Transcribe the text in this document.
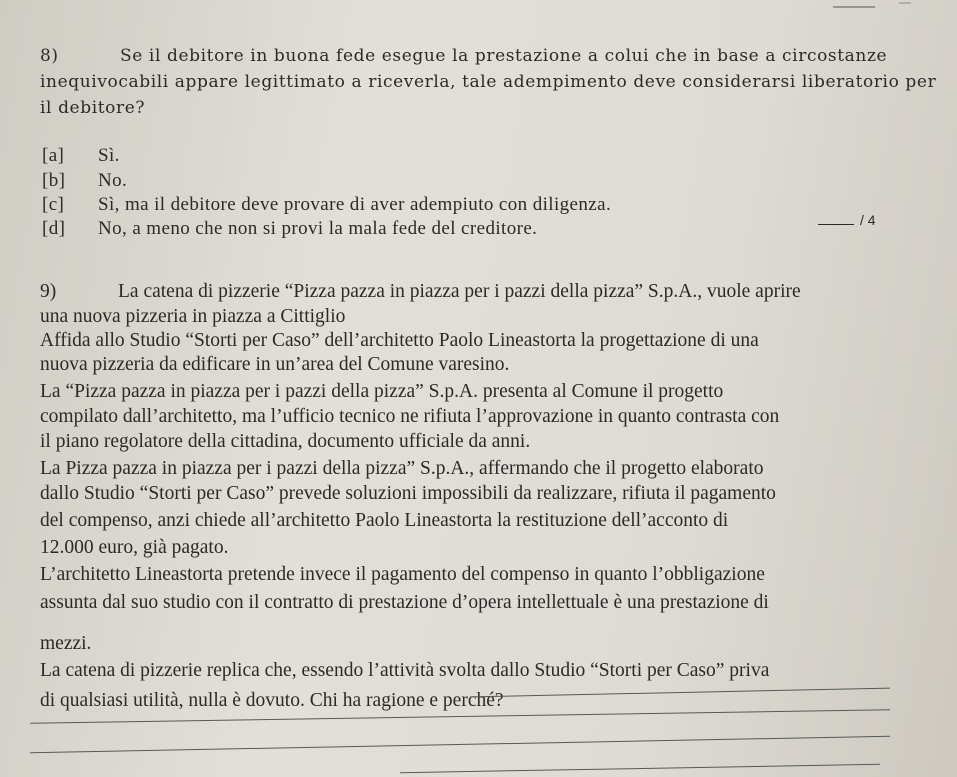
8)	Se il debitore in buona fede esegue la prestazione a colui che in base a circostanze
inequivocabili appare legittimato a riceverla, tale adempimento deve considerarsi liberatorio per
il debitore?
[a] Sì.
[b] No.
[c] Sì, ma il debitore deve provare di aver adempiuto con diligenza.
[d] No, a meno che non si provi la mala fede del creditore.	/ 4
9)	La catena di pizzerie “Pizza pazza in piazza per i pazzi della pizza” S.p.A., vuole aprire
una nuova pizzeria in piazza a Cittiglio
Affida allo Studio “Storti per Caso” dell’architetto Paolo Lineastorta la progettazione di una
nuova pizzeria da edificare in un’area del Comune varesino.
La “Pizza pazza in piazza per i pazzi della pizza” S.p.A. presenta al Comune il progetto
compilato dall’architetto, ma l’ufficio tecnico ne rifiuta l’approvazione in quanto contrasta con
il piano regolatore della cittadina, documento ufficiale da anni.
La Pizza pazza in piazza per i pazzi della pizza” S.p.A., affermando che il progetto elaborato
dallo Studio “Storti per Caso” prevede soluzioni impossibili da realizzare, rifiuta il pagamento
del compenso, anzi chiede all’architetto Paolo Lineastorta la restituzione dell’acconto di
12.000 euro, già pagato.
L’architetto Lineastorta pretende invece il pagamento del compenso in quanto l’obbligazione
assunta dal suo studio con il contratto di prestazione d’opera intellettuale è una prestazione di
mezzi.
La catena di pizzerie replica che, essendo l’attività svolta dallo Studio “Storti per Caso” priva
di qualsiasi utilità, nulla è dovuto. Chi ha ragione e perché?
